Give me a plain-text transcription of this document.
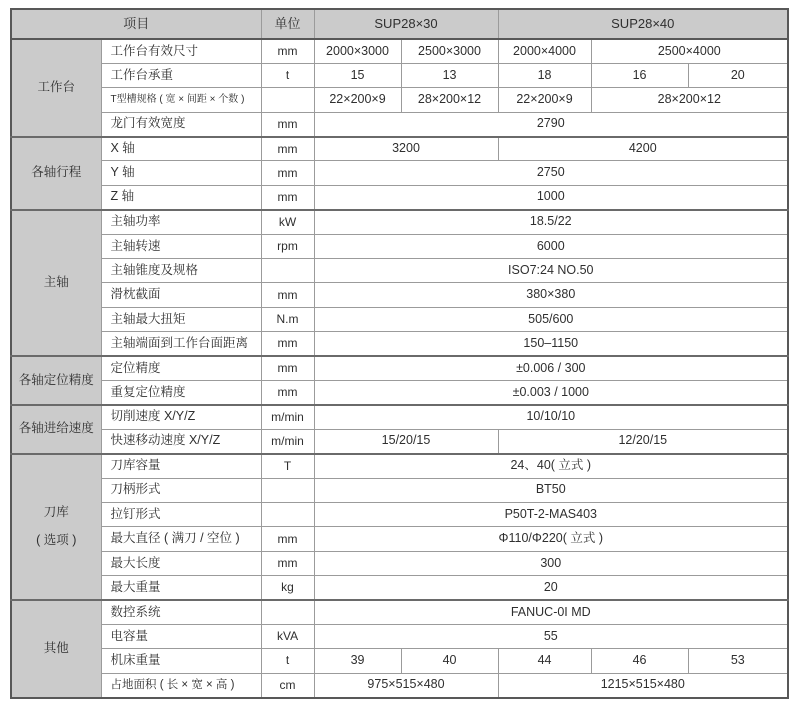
项目		单位	SUP28×30		SUP28×40		

工作台	工作台有效尺寸	mm	2000×3000	2500×3000	2000×4000	2500×4000	
	工作台承重	t	15	13	18	16	20
	T型槽规格 ( 宽 × 间距 × 个数 )		22×200×9	28×200×12	22×200×9	28×200×12	
	龙门有效宽度	mm	2790				

各轴行程	X 轴	mm	3200		4200		
	Y 轴	mm	2750				
	Z 轴	mm	1000				

主轴	主轴功率	kW	18.5/22				
	主轴转速	rpm	6000				
	主轴锥度及规格		ISO7:24 NO.50				
	滑枕截面	mm	380×380				
	主轴最大扭矩	N.m	505/600				
	主轴端面到工作台面距离	mm	150–1150				

各轴定位精度	定位精度	mm	±0.006 / 300				
	重复定位精度	mm	±0.003 / 1000				

各轴进给速度	切削速度 X/Y/Z	m/min	10/10/10				
	快速移动速度 X/Y/Z	m/min	15/20/15		12/20/15		

刀库
( 选项 )	刀库容量	T	24、40( 立式 )				
	刀柄形式		BT50				
	拉钉形式		P50T-2-MAS403				
	最大直径 ( 满刀 / 空位 )	mm	Φ110/Φ220( 立式 )				
	最大长度	mm	300				
	最大重量	kg	20				

其他	数控系统		FANUC-0I MD				
	电容量	kVA	55				
	机床重量	t	39	40	44	46	53
	占地面积 ( 长 × 宽 × 高 )	cm	975×515×480		1215×515×480		
